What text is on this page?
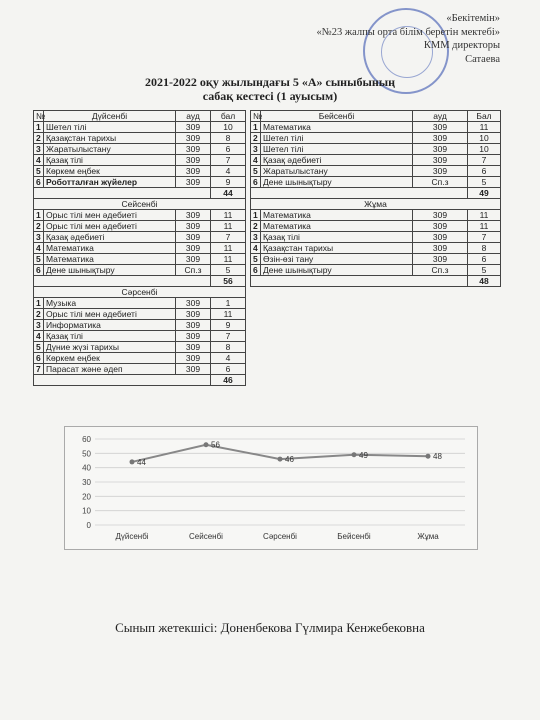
«Бекітемін»
«№23 жалпы орта білім беретін мектебі»
КММ директоры
Сатаева
2021-2022 оқу жылындағы 5 «А» сыныбының
сабақ кестесі (1 ауысым)
№	Дүйсенбі	ауд	бал
1	Шетел тілі	309	10
2	Қазақстан тарихы	309	8
3	Жаратылыстану	309	6
4	Қазақ тілі	309	7
5	Көркем еңбек	309	4
6	Роботталған жүйелер	309	9
			44
Сейсенбі			
1	Орыс тілі мен әдебиеті	309	11
2	Орыс тілі мен әдебиеті	309	11
3	Қазақ әдебиеті	309	7
4	Математика	309	11
5	Математика	309	11
6	Дене шынықтыру	Сп.з	5
			56
Сәрсенбі			
1	Музыка	309	1
2	Орыс тілі мен әдебиеті	309	11
3	Информатика	309	9
4	Қазақ тілі	309	7
5	Дүние жүзі тарихы	309	8
6	Көркем еңбек	309	4
7	Парасат және әдеп	309	6
			46
№	Бейсенбі	ауд	Бал
1	Математика	309	11
2	Шетел тілі	309	10
3	Шетел тілі	309	10
4	Қазақ әдебиеті	309	7
5	Жаратылыстану	309	6
6	Дене шынықтыру	Сп.з	5
			49
Жұма			
1	Математика	309	11
2	Математика	309	11
3	Қазақ тілі	309	7
4	Қазақстан тарихы	309	8
5	Өзін-өзі тану	309	6
6	Дене шынықтыру	Сп.з	5
			48
0
10
20
30
40
50
60
44
56
46	49	48
Дүйсенбі	Сейсенбі	Сәрсенбі	Бейсенбі	Жұма
Сынып жетекшісі: Доненбекова Гүлмира Кенжебековна
